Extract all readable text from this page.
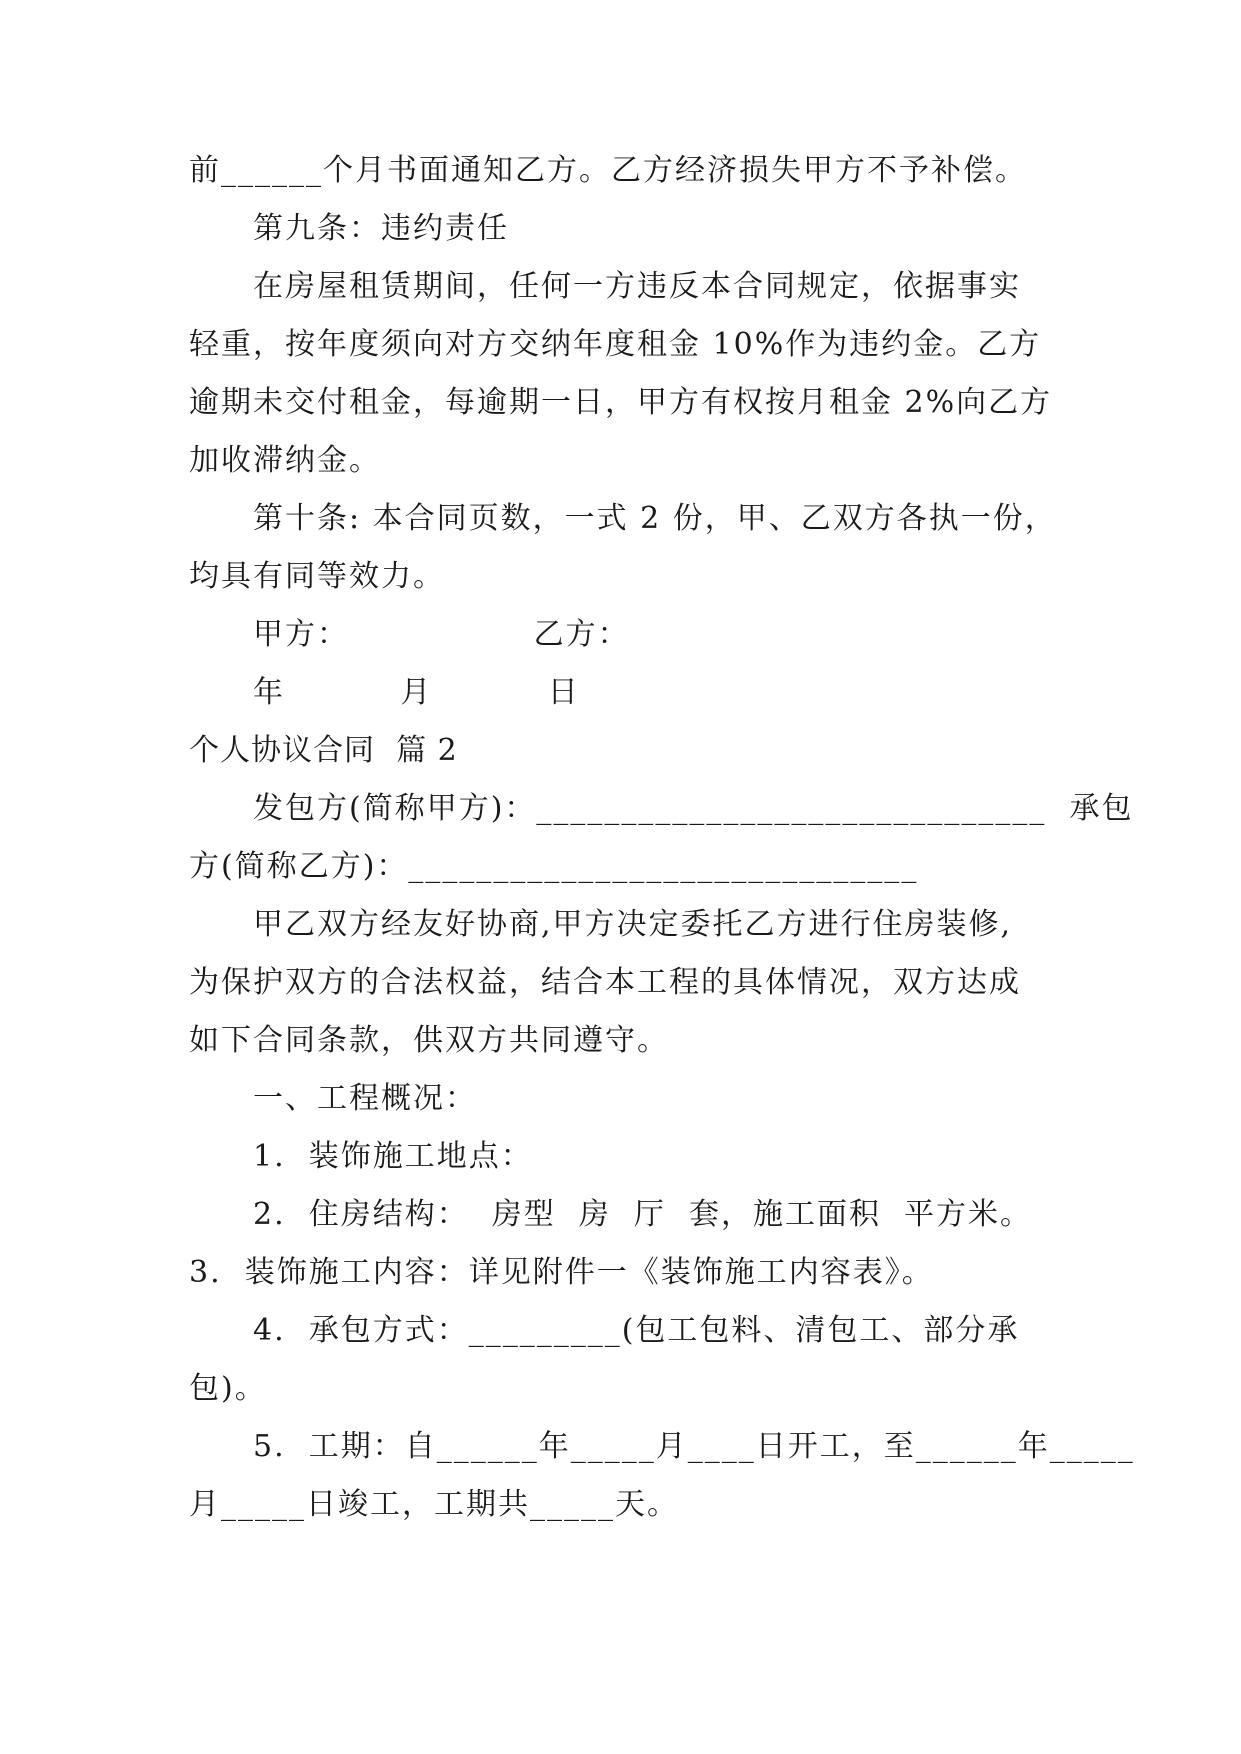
前______个月书面通知乙方。乙方经济损失甲方不予补偿。
第九条：违约责任
在房屋租赁期间，任何一方违反本合同规定，依据事实
轻重，按年度须向对方交纳年度租金 10%作为违约金。乙方
逾期未交付租金，每逾期一日，甲方有权按月租金 2%向乙方
加收滞纳金。
第十条: 本合同页数，一式 2 份，甲、乙双方各执一份，
均具有同等效力。
甲方：                乙方：
年          月          日
个人协议合同  篇 2
发包方(简称甲方)：______________________________  承包
方(简称乙方)：______________________________
甲乙双方经友好协商,甲方决定委托乙方进行住房装修,
为保护双方的合法权益，结合本工程的具体情况，双方达成
如下合同条款，供双方共同遵守。
一、工程概况：
1.  装饰施工地点：
2.  住房结构：  房型  房  厅  套，施工面积  平方米。
3.  装饰施工内容：详见附件一《装饰施工内容表》。
4.  承包方式：_________(包工包料、清包工、部分承
包)。
5.  工期：自______年_____月____日开工，至______年_____
月_____日竣工，工期共_____天。
